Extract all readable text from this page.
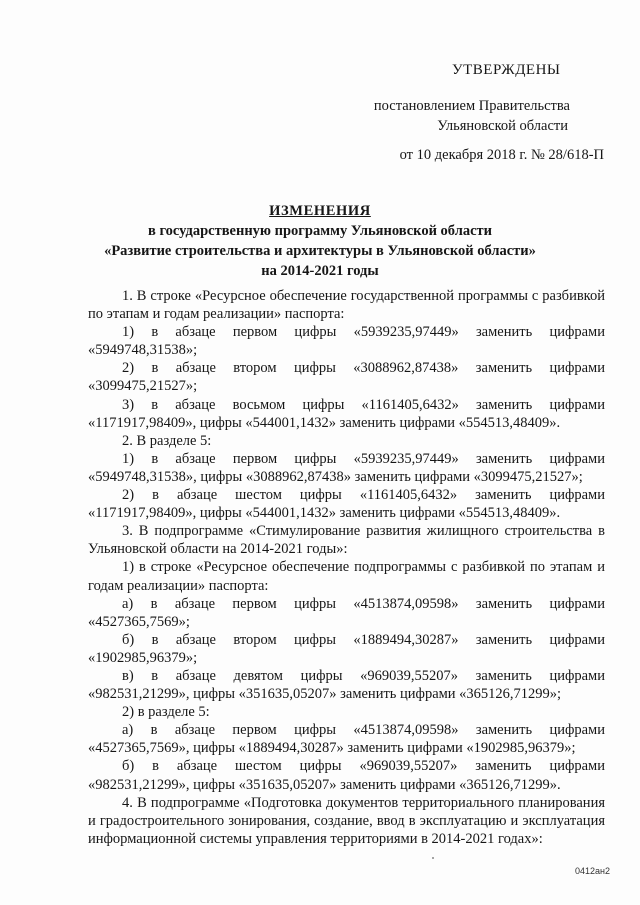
УТВЕРЖДЕНЫ
постановлением Правительства
Ульяновской области
от 10 декабря 2018 г. № 28/618-П
ИЗМЕНЕНИЯ
в государственную программу Ульяновской области
«Развитие строительства и архитектуры в Ульяновской области»
на 2014-2021 годы

1. В строке «Ресурсное обеспечение государственной программы с разбивкой по этапам и годам реализации» паспорта:

1) в абзаце первом цифры «5939235,97449» заменить цифрами «5949748,31538»;

2) в абзаце втором цифры «3088962,87438» заменить цифрами «3099475,21527»;

3) в абзаце восьмом цифры «1161405,6432» заменить цифрами «1171917,98409», цифры «544001,1432» заменить цифрами «554513,48409».

2. В разделе 5:

1) в абзаце первом цифры «5939235,97449» заменить цифрами «5949748,31538», цифры «3088962,87438» заменить цифрами «3099475,21527»;

2) в абзаце шестом цифры «1161405,6432» заменить цифрами «1171917,98409», цифры «544001,1432» заменить цифрами «554513,48409».

3. В подпрограмме «Стимулирование развития жилищного строительства в Ульяновской области на 2014-2021 годы»:

1) в строке «Ресурсное обеспечение подпрограммы с разбивкой по этапам и годам реализации» паспорта:

а) в абзаце первом цифры «4513874,09598» заменить цифрами «4527365,7569»;

б) в абзаце втором цифры «1889494,30287» заменить цифрами «1902985,96379»;

в) в абзаце девятом цифры «969039,55207» заменить цифрами «982531,21299», цифры «351635,05207» заменить цифрами «365126,71299»;

2) в разделе 5:

а) в абзаце первом цифры «4513874,09598» заменить цифрами «4527365,7569», цифры «1889494,30287» заменить цифрами «1902985,96379»;

б) в абзаце шестом цифры «969039,55207» заменить цифрами «982531,21299», цифры «351635,05207» заменить цифрами «365126,71299».

4. В подпрограмме «Подготовка документов территориального планирования и градостроительного зонирования, создание, ввод в эксплуатацию и эксплуатация информационной системы управления территориями в 2014-2021 годах»:

0412ан2
